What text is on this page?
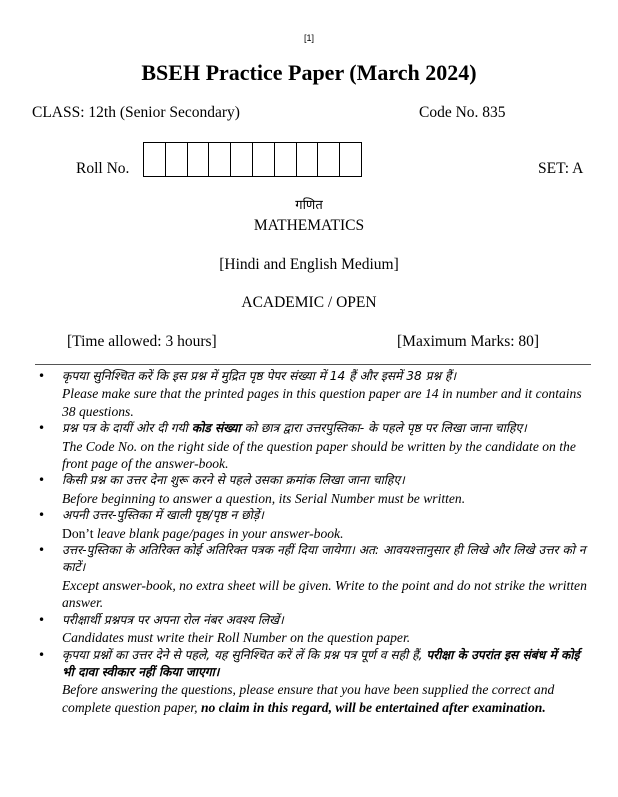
[1]
BSEH Practice Paper (March 2024)
CLASS: 12th (Senior Secondary)	Code No. 835
Roll No.	SET: A
गणित
MATHEMATICS
[Hindi and English Medium]
ACADEMIC / OPEN
[Time allowed: 3 hours]	[Maximum Marks: 80]
• कृपया सुनिश्चित करें कि इस प्रश्न में मुद्रित पृष्ठ पेपर संख्या में 14 हैं और इसमें 38 प्रश्न हैं।
Please make sure that the printed pages in this question paper are 14 in number and it contains 38 questions.
• प्रश्न पत्र के दायीं ओर दी गयी कोड संख्या को छात्र द्वारा उत्तरपुस्तिका- के पहले पृष्ठ पर लिखा जाना चाहिए।
The Code No. on the right side of the question paper should be written by the candidate on the front page of the answer-book.
• किसी प्रश्न का उत्तर देना शुरू करने से पहले उसका क्रमांक लिखा जाना चाहिए।
Before beginning to answer a question, its Serial Number must be written.
• अपनी उत्तर-पुस्तिका में खाली पृष्ठ/पृष्ठ न छोड़ें।
Don’t leave blank page/pages in your answer-book.
• उत्तर-पुस्तिका के अतिरिक्त कोई अतिरिक्त पत्रक नहीं दिया जायेगा। अत: आवयश्त्तानुसार ही लिखे और लिखे उत्तर को न काटें।
Except answer-book, no extra sheet will be given. Write to the point and do not strike the written answer.
• परीक्षार्थी प्रश्नपत्र पर अपना रोल नंबर अवश्य लिखें।
Candidates must write their Roll Number on the question paper.
• कृपया प्रश्नों का उत्तर देने से पहले, यह सुनिश्चित करें लें कि प्रश्न पत्र पूर्ण व सही हैं, परीक्षा के उपरांत इस संबंध में कोई भी दावा स्वीकार नहीं किया जाएगा।
Before answering the questions, please ensure that you have been supplied the correct and complete question paper, no claim in this regard, will be entertained after examination.
